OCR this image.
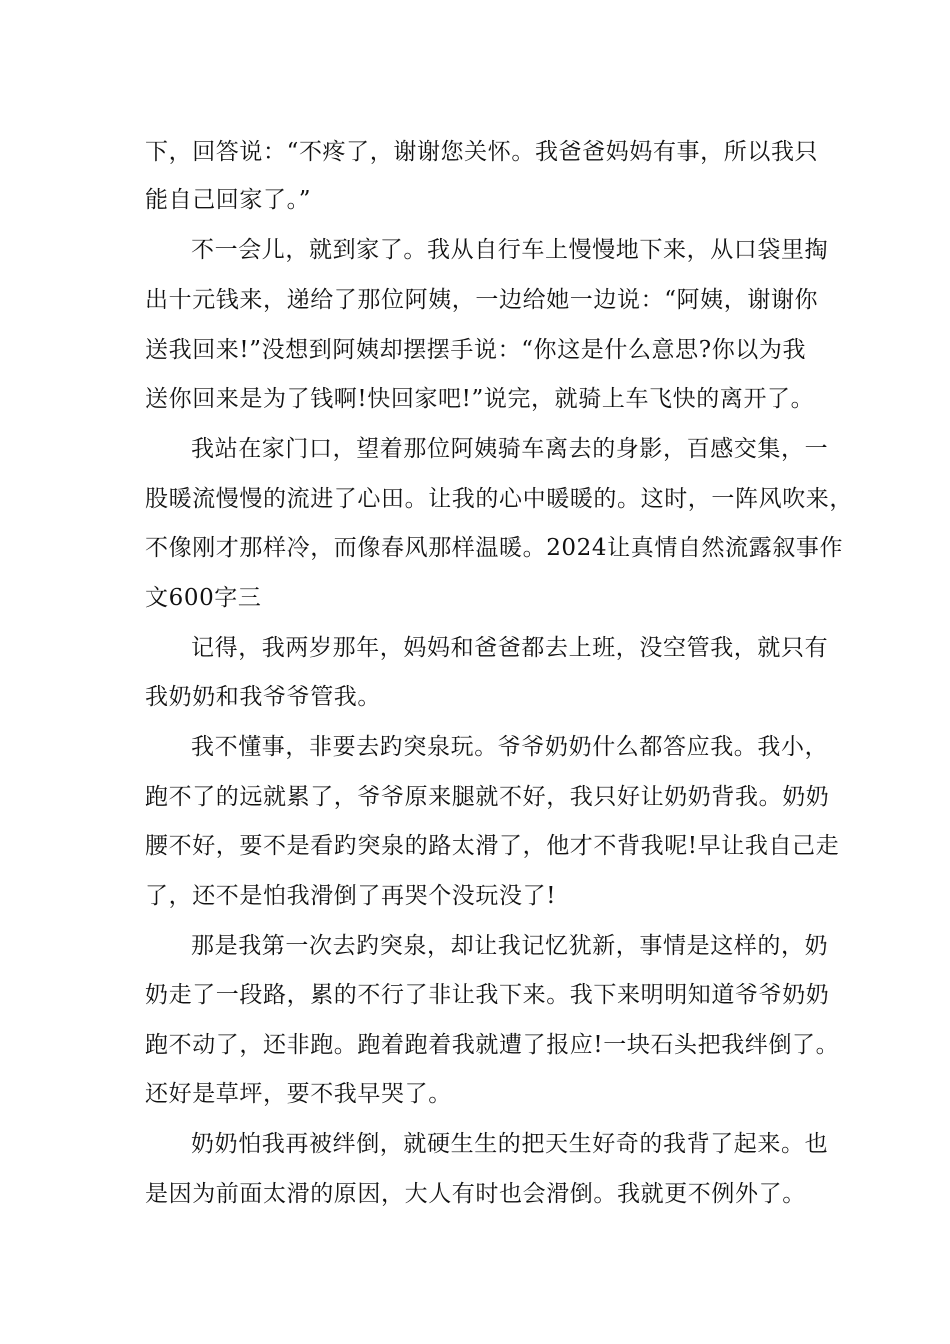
下，回答说：“不疼了，谢谢您关怀。我爸爸妈妈有事，所以我只
能自己回家了。”
不一会儿，就到家了。我从自行车上慢慢地下来，从口袋里掏
出十元钱来，递给了那位阿姨，一边给她一边说：“阿姨，谢谢你
送我回来!”没想到阿姨却摆摆手说：“你这是什么意思?你以为我
送你回来是为了钱啊!快回家吧!”说完，就骑上车飞快的离开了。
我站在家门口，望着那位阿姨骑车离去的身影，百感交集，一
股暖流慢慢的流进了心田。让我的心中暖暖的。这时，一阵风吹来，
不像刚才那样冷，而像春风那样温暖。2024让真情自然流露叙事作
文600字三
记得，我两岁那年，妈妈和爸爸都去上班，没空管我，就只有
我奶奶和我爷爷管我。
我不懂事，非要去趵突泉玩。爷爷奶奶什么都答应我。我小，
跑不了的远就累了，爷爷原来腿就不好，我只好让奶奶背我。奶奶
腰不好，要不是看趵突泉的路太滑了，他才不背我呢!早让我自己走
了，还不是怕我滑倒了再哭个没玩没了!
那是我第一次去趵突泉，却让我记忆犹新，事情是这样的，奶
奶走了一段路，累的不行了非让我下来。我下来明明知道爷爷奶奶
跑不动了，还非跑。跑着跑着我就遭了报应!一块石头把我绊倒了。
还好是草坪，要不我早哭了。
奶奶怕我再被绊倒，就硬生生的把天生好奇的我背了起来。也
是因为前面太滑的原因，大人有时也会滑倒。我就更不例外了。
